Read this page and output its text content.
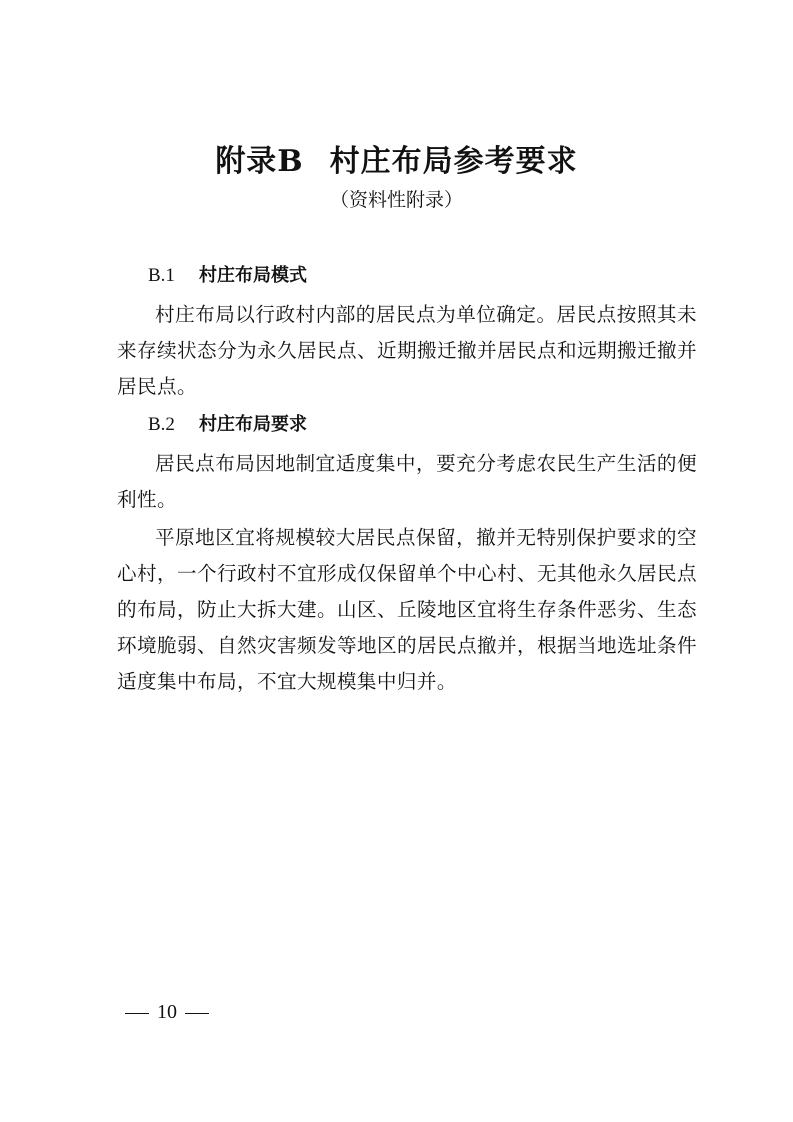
附录B 村庄布局参考要求
（资料性附录）
B.1 村庄布局模式

村庄布局以行政村内部的居民点为单位确定。居民点按照其未来存续状态分为永久居民点、近期搬迁撤并居民点和远期搬迁撤并居民点。

B.2 村庄布局要求

居民点布局因地制宜适度集中，要充分考虑农民生产生活的便利性。

平原地区宜将规模较大居民点保留，撤并无特别保护要求的空心村，一个行政村不宜形成仅保留单个中心村、无其他永久居民点的布局，防止大拆大建。山区、丘陵地区宜将生存条件恶劣、生态环境脆弱、自然灾害频发等地区的居民点撤并，根据当地选址条件适度集中布局，不宜大规模集中归并。

10
